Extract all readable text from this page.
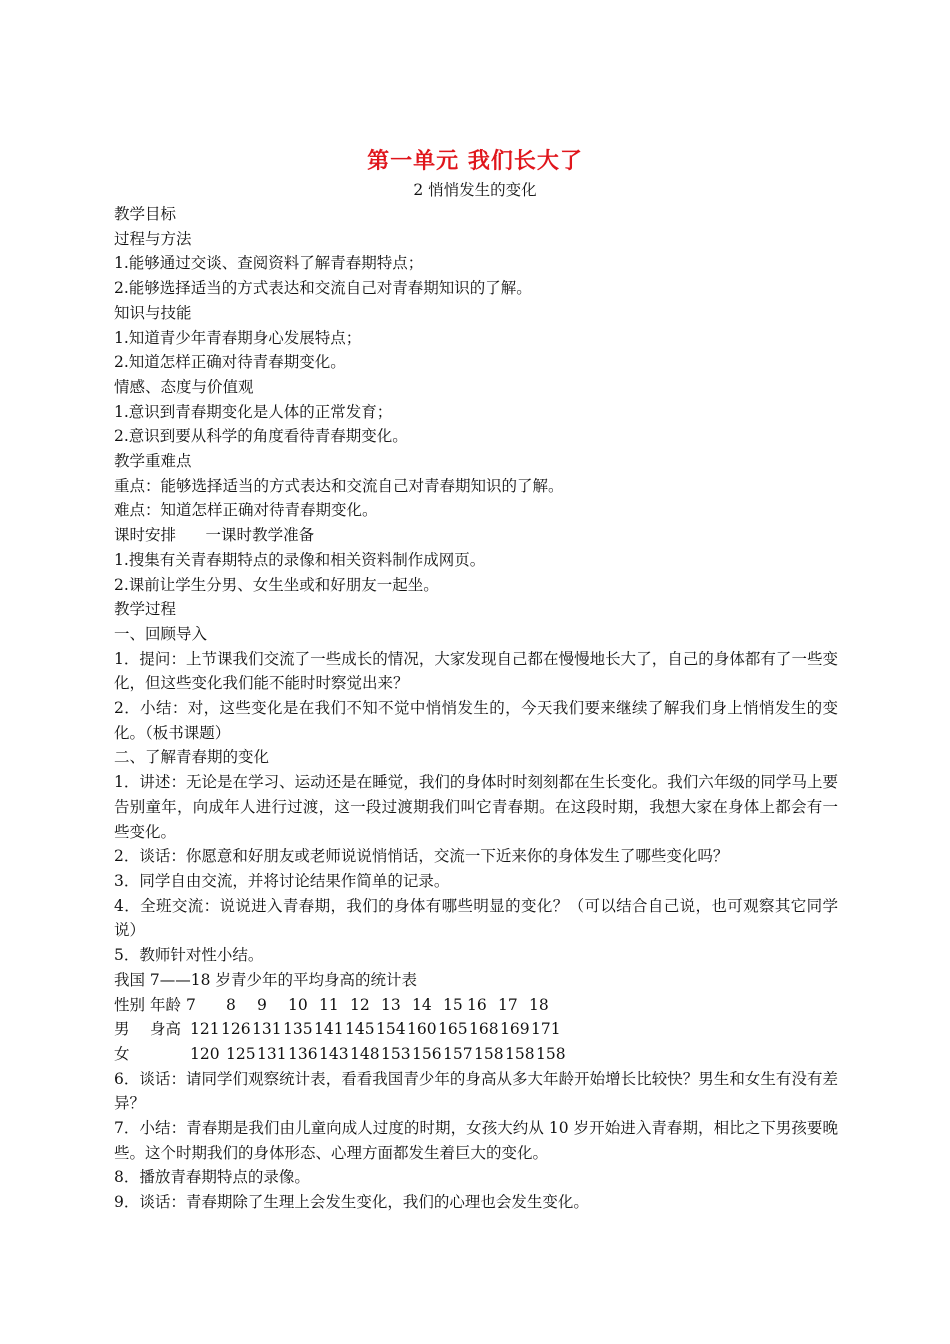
第一单元 我们长大了
2 悄悄发生的变化

教学目标

过程与方法

1.能够通过交谈、查阅资料了解青春期特点；

2.能够选择适当的方式表达和交流自己对青春期知识的了解。

知识与技能

1.知道青少年青春期身心发展特点；

2.知道怎样正确对待青春期变化。

情感、态度与价值观

1.意识到青春期变化是人体的正常发育；

2.意识到要从科学的角度看待青春期变化。

教学重难点

重点：能够选择适当的方式表达和交流自己对青春期知识的了解。

难点：知道怎样正确对待青春期变化。

课时安排      一课时教学准备

1.搜集有关青春期特点的录像和相关资料制作成网页。

2.课前让学生分男、女生坐或和好朋友一起坐。

教学过程

一、回顾导入

1．提问：上节课我们交流了一些成长的情况，大家发现自己都在慢慢地长大了，自己的身体都有了一些变化，但这些变化我们能不能时时察觉出来？

2．小结：对，这些变化是在我们不知不觉中悄悄发生的，今天我们要来继续了解我们身上悄悄发生的变化。（板书课题）

二、了解青春期的变化

1．讲述：无论是在学习、运动还是在睡觉，我们的身体时时刻刻都在生长变化。我们六年级的同学马上要告别童年，向成年人进行过渡，这一段过渡期我们叫它青春期。在这段时期，我想大家在身体上都会有一些变化。

2．谈话：你愿意和好朋友或老师说说悄悄话，交流一下近来你的身体发生了哪些变化吗？

3．同学自由交流，并将讨论结果作简单的记录。

4．全班交流：说说进入青春期，我们的身体有哪些明显的变化？（可以结合自己说，也可观察其它同学说）

5．教师针对性小结。

我国 7——18 岁青少年的平均身高的统计表

性别 年龄 7	8	9	10 11 12 13 14 15 16 17 18
男	身高 121 126 131 135 141 145 154 160 165 168 169 171
女	120 125 131 136 143 148 153 156 157 158 158 158

6．谈话：请同学们观察统计表，看看我国青少年的身高从多大年龄开始增长比较快？男生和女生有没有差异？

7．小结：青春期是我们由儿童向成人过度的时期，女孩大约从 10 岁开始进入青春期，相比之下男孩要晚些。这个时期我们的身体形态、心理方面都发生着巨大的变化。

8．播放青春期特点的录像。

9．谈话：青春期除了生理上会发生变化，我们的心理也会发生变化。
